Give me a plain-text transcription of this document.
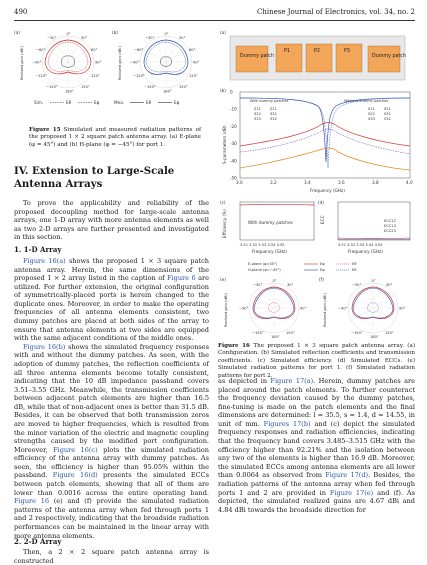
490	Chinese Journal of Electronics, vol. 34, no. 2
(a)	0°
30°
60°
90°
120°
150°
180°
−150°
−120°
−90°
−60°
−30°
Realized gain (dBi)
(b)	0°
30°
60°
90°
120°
150°
180°
−150°
−120°
−90°
−60°
−30°
Realized gain (dBi)
Sim.	Eθ	Eφ	Mea.	Eθ	Eφ
Figure 15 Simulated and measured radiation patterns of the proposed 1 × 2 square patch antenna array. (a) E-plane (φ = 45°) and (b) H-plane (φ = −45°) for port 1.
IV. Extension to Large-Scale Antenna Arrays
To prove the applicability and reliability of the proposed decoupling method for large-scale antenna arrays, one 1-D array with more antenna elements as well as two 2-D arrays are further presented and investigated in this section.
1. 1-D Array

Figure 16(a) shows the proposed 1 × 3 square patch antenna array. Herein, the same dimensions of the proposed 1 × 2 array listed in the caption of Figure 6 are utilized. For further extension, the original configuration of symmetrically-placed ports is herein changed to the duplicate ones. Moreover, in order to make the operating frequencies of all antenna elements consistent, two dummy patches are placed at both sides of the array to ensure that antenna elements at two sides are equipped with the same adjacent conditions of the middle ones.

Figure 16(b) shows the simulated frequency responses with and without the dummy patches. As seen, with the adoption of dummy patches, the reflection coefficients of all three antenna elements become totally consistent, indicating that the 10 dB impedance passband covers 3.51–3.55 GHz. Meanwhile, the transmission coefficients between adjacent patch elements are higher than 16.5 dB, while that of non-adjacent ones is better than 31.5 dB. Besides, it can be observed that both transmission zeros are moved to higher frequencies, which is resulted from the minor variation of the electric and magnetic coupling strengths caused by the modified port configuration. Moreover, Figure 16(c) plots the simulated radiation efficiency of the antenna array with dummy patches. As seen, the efficiency is higher than 95.05% within the passband. Figure 16(d) presents the simulated ECCs between patch elements, showing that all of them are lower than 0.0016 across the entire operating band. Figure 16 (e) and (f) provide the simulated radiation patterns of the antenna array when fed through ports 1 and 2 respectively, indicating that the broadside radiation performances can be maintained in the linear array with more antenna elements.

2. 2-D Array
Then, a 2 × 2 square patch antenna array is constructed
(a)
Dummy patch	Dummy patch
P1	P2	P3
(b)
3.0	3.2	3.4	3.6	3.8	4.0
0
-10
-20
-30
-40
-50
With dummy patches	Without dummy patches
S-parameters (dB)
Frequency (GHz)
S11
S22
S33
S21
S31
S32
S11
S22
S33
S21
S31
S32
(c)
With dummy patches
Efficiency (%)
3.51 3.52 3.53 3.54 3.55
Frequency (GHz)
(d)
ECC12
ECC13
ECC23
ECC
3.51 3.52 3.53 3.54 3.55
Frequency (GHz)
E-plane (φ=45°)
H-plane (φ=−45°)
Eφ
Eφ
Eθ
Eθ
(e)	0°
30°
90°
180°
−90°
−30°
150°
−150°
Realized gain (dBi)
(f)	0°
30°
90°
180°
−90°
−30°
150°
−150°
Realized gain (dBi)
Figure 16 The proposed 1 × 3 square patch antenna array. (a) Configuration. (b) Simulated reflection coefficients and transmission coefficients. (c) Simulated efficiency. (d) Simulated ECCs. (e) Simulated radiation patterns for port 1. (f) Simulated radiation patterns for port 2.

as depicted in Figure 17(a). Herein, dummy patches are placed around the patch elements. To further counteract the frequency deviation caused by the dummy patches, fine-tuning is made on the patch elements and the final dimensions are determined: l = 35.5, s = 1.4, d = 14.55, in unit of mm. Figures 17(b) and (c) depict the simulated frequency responses and radiation efficiencies, indicating that the frequency band covers 3.485–3.515 GHz with the efficiency higher than 92.21% and the isolation between any two of the elements is higher than 16.9 dB. Moreover, the simulated ECCs among antenna elements are all lower than 0.0064 as observed from Figure 17(d). Besides, the radiation patterns of the antenna array when fed through ports 1 and 2 are provided in Figure 17(e) and (f). As depicted, the simulated realized gains are 4.67 dBi and 4.84 dBi towards the broadside direction for
